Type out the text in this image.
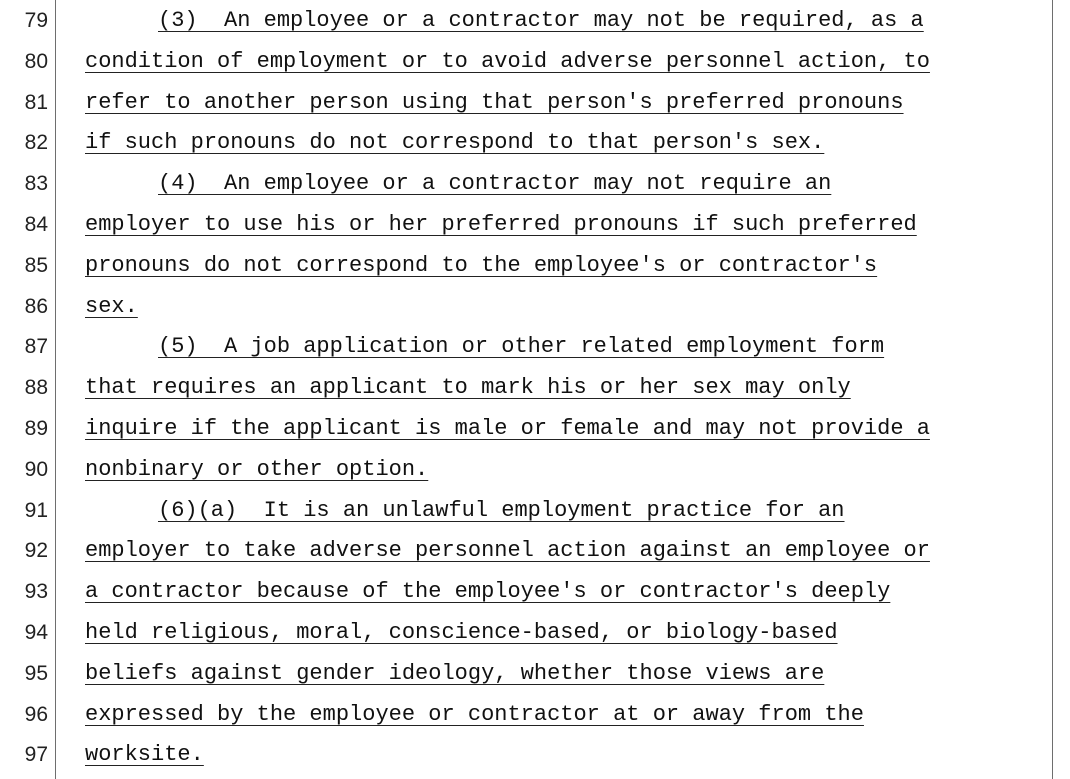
79	(3)  An employee or a contractor may not be required, as a
80 condition of employment or to avoid adverse personnel action, to
81 refer to another person using that person's preferred pronouns
82 if such pronouns do not correspond to that person's sex.
83	(4)  An employee or a contractor may not require an
84 employer to use his or her preferred pronouns if such preferred
85 pronouns do not correspond to the employee's or contractor's
86 sex.
87	(5)  A job application or other related employment form
88 that requires an applicant to mark his or her sex may only
89 inquire if the applicant is male or female and may not provide a
90 nonbinary or other option.
91	(6)(a)  It is an unlawful employment practice for an
92 employer to take adverse personnel action against an employee or
93 a contractor because of the employee's or contractor's deeply
94 held religious, moral, conscience-based, or biology-based
95 beliefs against gender ideology, whether those views are
96 expressed by the employee or contractor at or away from the
97 worksite.
